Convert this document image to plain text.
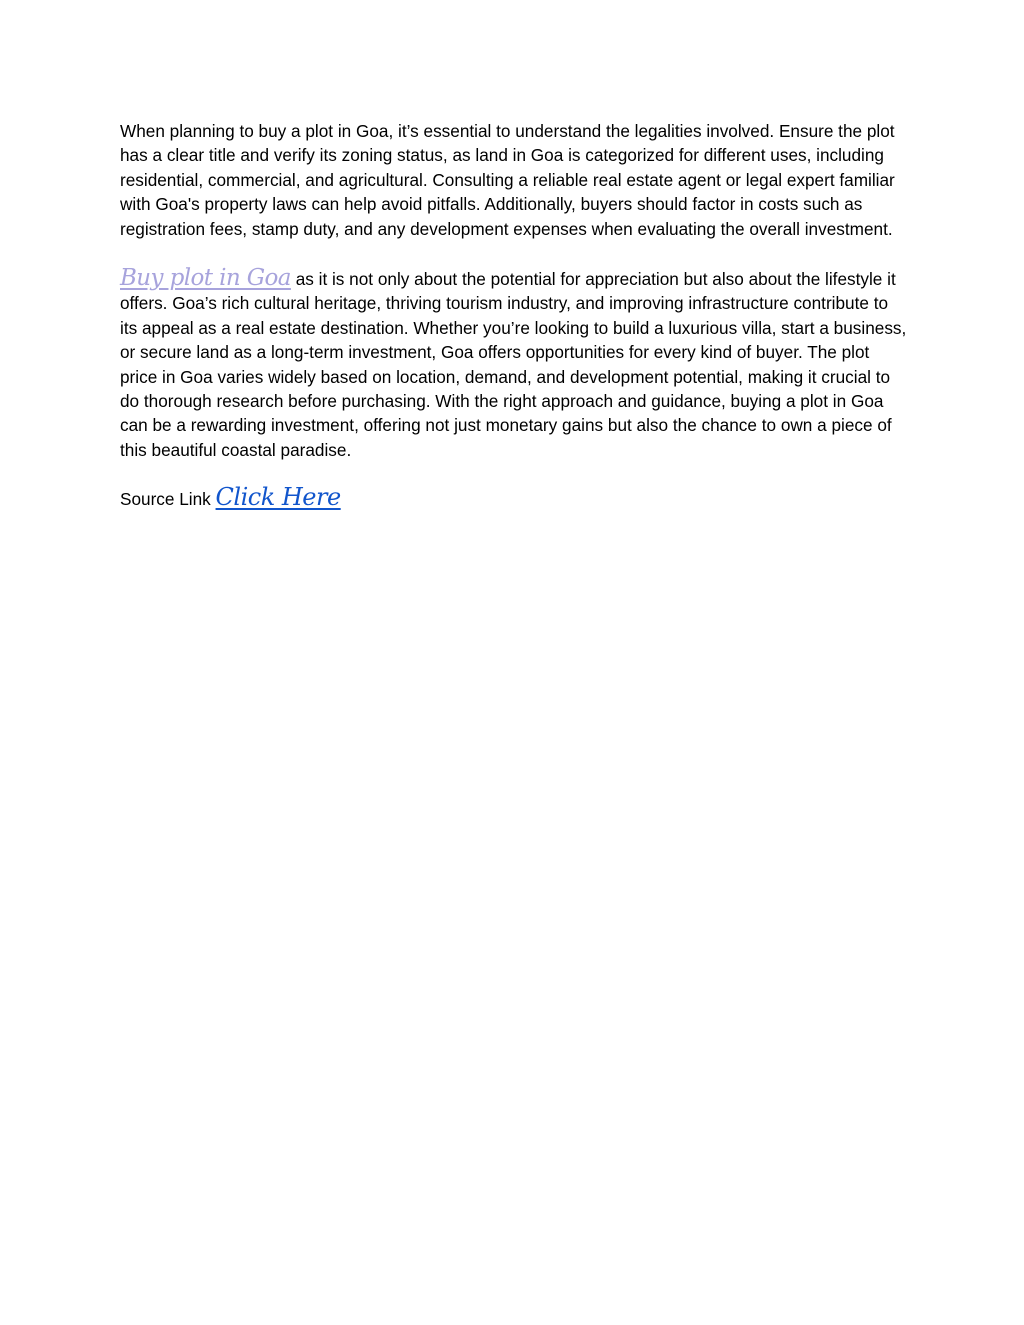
When planning to buy a plot in Goa, it’s essential to understand the legalities involved. Ensure the plot has a clear title and verify its zoning status, as land in Goa is categorized for different uses, including residential, commercial, and agricultural. Consulting a reliable real estate agent or legal expert familiar with Goa's property laws can help avoid pitfalls. Additionally, buyers should factor in costs such as registration fees, stamp duty, and any development expenses when evaluating the overall investment.

Buy plot in Goa as it is not only about the potential for appreciation but also about the lifestyle it offers. Goa’s rich cultural heritage, thriving tourism industry, and improving infrastructure contribute to its appeal as a real estate destination. Whether you’re looking to build a luxurious villa, start a business, or secure land as a long-term investment, Goa offers opportunities for every kind of buyer. The plot price in Goa varies widely based on location, demand, and development potential, making it crucial to do thorough research before purchasing. With the right approach and guidance, buying a plot in Goa can be a rewarding investment, offering not just monetary gains but also the chance to own a piece of this beautiful coastal paradise.

Source Link Click Here
